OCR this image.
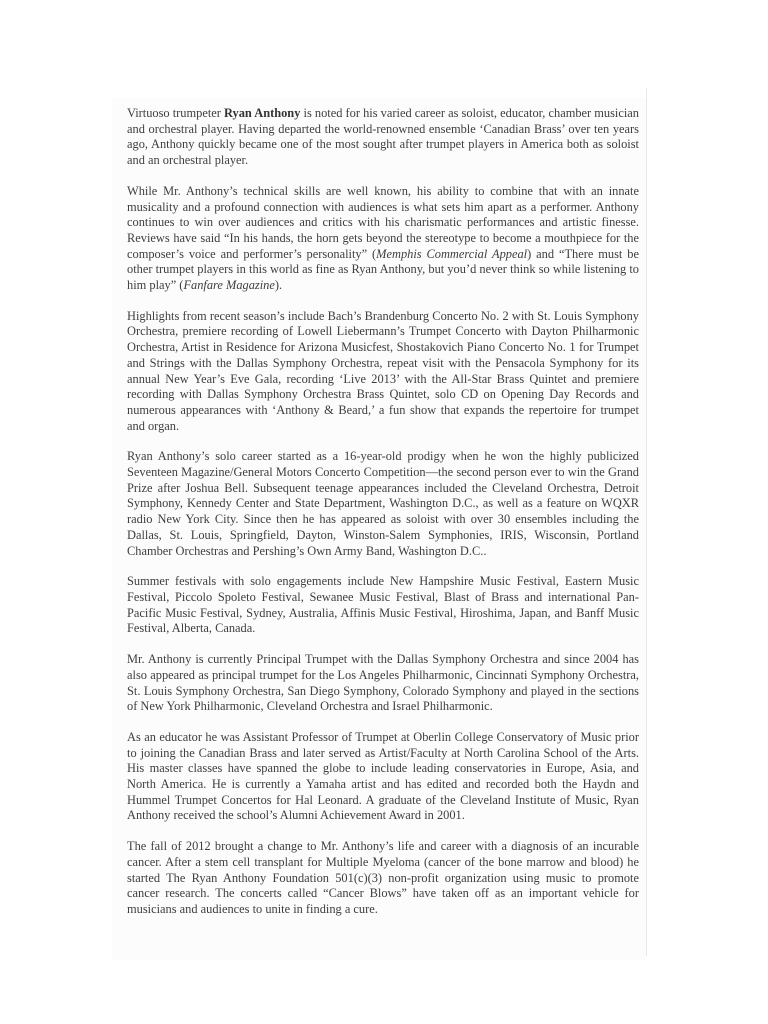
Virtuoso trumpeter Ryan Anthony is noted for his varied career as soloist, educator, chamber musician and orchestral player. Having departed the world-renowned ensemble ‘Canadian Brass’ over ten years ago, Anthony quickly became one of the most sought after trumpet players in America both as soloist and an orchestral player.

While Mr. Anthony’s technical skills are well known, his ability to combine that with an innate musicality and a profound connection with audiences is what sets him apart as a performer. Anthony continues to win over audiences and critics with his charismatic performances and artistic finesse. Reviews have said “In his hands, the horn gets beyond the stereotype to become a mouthpiece for the composer’s voice and performer’s personality” (Memphis Commercial Appeal) and “There must be other trumpet players in this world as fine as Ryan Anthony, but you’d never think so while listening to him play” (Fanfare Magazine).

Highlights from recent season’s include Bach’s Brandenburg Concerto No. 2 with St. Louis Symphony Orchestra, premiere recording of Lowell Liebermann’s Trumpet Concerto with Dayton Philharmonic Orchestra, Artist in Residence for Arizona Musicfest, Shostakovich Piano Concerto No. 1 for Trumpet and Strings with the Dallas Symphony Orchestra, repeat visit with the Pensacola Symphony for its annual New Year’s Eve Gala, recording ‘Live 2013’ with the All-Star Brass Quintet and premiere recording with Dallas Symphony Orchestra Brass Quintet, solo CD on Opening Day Records and numerous appearances with ‘Anthony & Beard,’ a fun show that expands the repertoire for trumpet and organ.

Ryan Anthony’s solo career started as a 16-year-old prodigy when he won the highly publicized Seventeen Magazine/General Motors Concerto Competition—the second person ever to win the Grand Prize after Joshua Bell. Subsequent teenage appearances included the Cleveland Orchestra, Detroit Symphony, Kennedy Center and State Department, Washington D.C., as well as a feature on WQXR radio New York City. Since then he has appeared as soloist with over 30 ensembles including the Dallas, St. Louis, Springfield, Dayton, Winston-Salem Symphonies, IRIS, Wisconsin, Portland Chamber Orchestras and Pershing’s Own Army Band, Washington D.C..

Summer festivals with solo engagements include New Hampshire Music Festival, Eastern Music Festival, Piccolo Spoleto Festival, Sewanee Music Festival, Blast of Brass and international Pan-Pacific Music Festival, Sydney, Australia, Affinis Music Festival, Hiroshima, Japan, and Banff Music Festival, Alberta, Canada.

Mr. Anthony is currently Principal Trumpet with the Dallas Symphony Orchestra and since 2004 has also appeared as principal trumpet for the Los Angeles Philharmonic, Cincinnati Symphony Orchestra, St. Louis Symphony Orchestra, San Diego Symphony, Colorado Symphony and played in the sections of New York Philharmonic, Cleveland Orchestra and Israel Philharmonic.

As an educator he was Assistant Professor of Trumpet at Oberlin College Conservatory of Music prior to joining the Canadian Brass and later served as Artist/Faculty at North Carolina School of the Arts. His master classes have spanned the globe to include leading conservatories in Europe, Asia, and North America. He is currently a Yamaha artist and has edited and recorded both the Haydn and Hummel Trumpet Concertos for Hal Leonard. A graduate of the Cleveland Institute of Music, Ryan Anthony received the school’s Alumni Achievement Award in 2001.

The fall of 2012 brought a change to Mr. Anthony’s life and career with a diagnosis of an incurable cancer. After a stem cell transplant for Multiple Myeloma (cancer of the bone marrow and blood) he started The Ryan Anthony Foundation 501(c)(3) non-profit organization using music to promote cancer research. The concerts called “Cancer Blows” have taken off as an important vehicle for musicians and audiences to unite in finding a cure.
